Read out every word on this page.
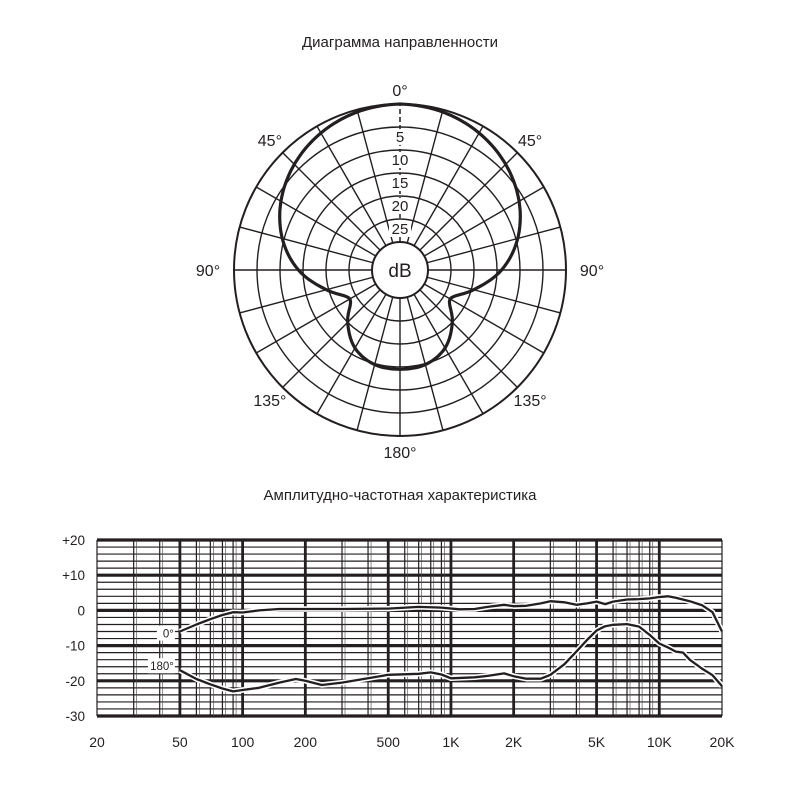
Диаграмма направленности
Амплитудно-частотная характеристика
5
10
15
20
25
dB
0°
45°	45°
90°	90°
135°	135°
180°
+20
+10
0
-10
-20
-30
20	50	100	200	500	1K	2K	5K	10K	20K
0°
180°
